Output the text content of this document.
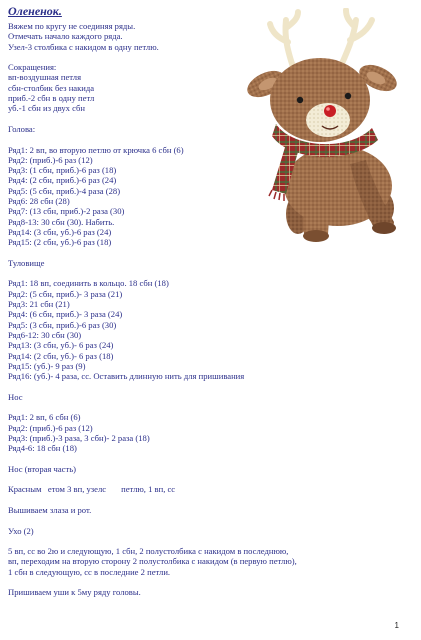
Олененок.
Вяжем по кругу не соединяя ряды.
Отмечать начало каждого ряда.
Узел-3 столбика с накидом в одну петлю.
Сокращения:
вп-воздушная петля
сбн-столбик без накида
приб.-2 сбн в одну петл
уб.-1 сбн из двух сбн
Голова:
Ряд1: 2 вп, во вторую петлю от крючка 6 сбн (6)
Ряд2: (приб.)-6 раз (12)
Ряд3: (1 сбн, приб.)-6 раз (18)
Ряд4: (2 сбн, приб.)-6 раз (24)
Ряд5: (5 сбн, приб.)-4 раза (28)
Ряд6: 28 сбн (28)
Ряд7: (13 сбн, приб.)-2 раза (30)
Ряд8-13: 30 сбн (30). Набить.
Ряд14: (3 сбн, уб.)-6 раз (24)
Ряд15: (2 сбн, уб.)-6 раз (18)
Туловище
Ряд1: 18 вп, соединить в кольцо. 18 сбн (18)
Ряд2: (5 сбн, приб.)- 3 раза (21)
Ряд3: 21 сбн (21)
Ряд4: (6 сбн, приб.)- 3 раза (24)
Ряд5: (3 сбн, приб.)-6 раз (30)
Ряд6-12: 30 сбн (30)
Ряд13: (3 сбн, уб.)- 6 раз (24)
Ряд14: (2 сбн, уб.)- 6 раз (18)
Ряд15: (уб.)- 9 раз (9)
Ряд16: (уб.)- 4 раза, сс. Оставить длинную нить для пришивания
Нос
Ряд1: 2 вп, 6 сбн (6)
Ряд2: (приб.)-6 раз (12)
Ряд3: (приб.)-3 раза, 3 сбн)- 2 раза (18)
Ряд4-6: 18 сбн (18)
Нос (вторая часть)
Красным   етом 3 вп, узелс       петлю, 1 вп, сс
Вышиваем злаза и рот.
Ухо (2)
5 вп, сс во 2ю и следующую, 1 сбн, 2 полустолбика с накидом в последнюю, вп, переходим на вторую сторону 2 полустолбика с накидом (в первую петлю), 1 сбн в следующую, сс в последние 2 петли.
Пришиваем уши к 5му ряду головы.
1
